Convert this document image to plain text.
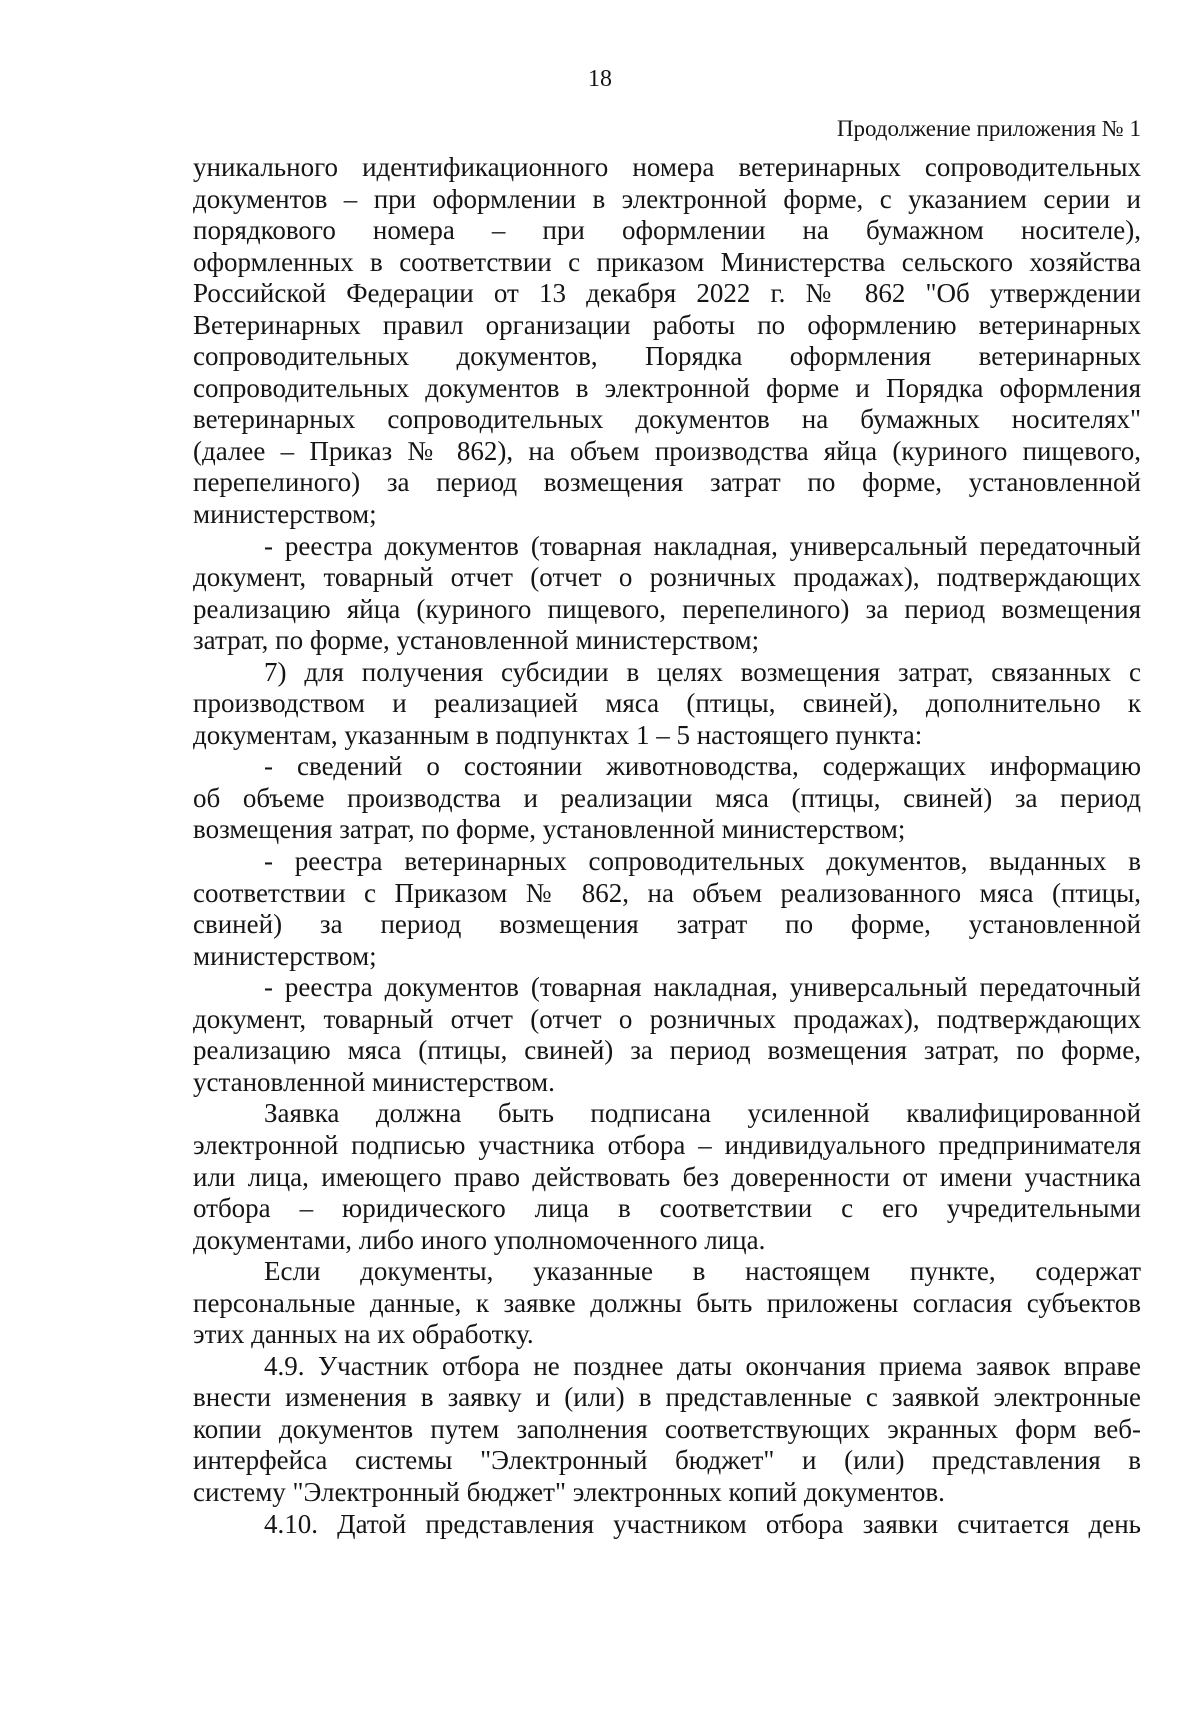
18
Продолжение приложения № 1

уникального идентификационного номера ветеринарных сопроводительных

документов – при оформлении в электронной форме, с указанием серии и

порядкового номера – при оформлении на бумажном носителе),

оформленных в соответствии с приказом Министерства сельского хозяйства

Российской Федерации от 13 декабря 2022 г. № 862 "Об утверждении

Ветеринарных правил организации работы по оформлению ветеринарных

сопроводительных документов, Порядка оформления ветеринарных

сопроводительных документов в электронной форме и Порядка оформления

ветеринарных сопроводительных документов на бумажных носителях"

(далее – Приказ № 862), на объем производства яйца (куриного пищевого,

перепелиного) за период возмещения затрат по форме, установленной

министерством;

- реестра документов (товарная накладная, универсальный передаточный

документ, товарный отчет (отчет о розничных продажах), подтверждающих

реализацию яйца (куриного пищевого, перепелиного) за период возмещения

затрат, по форме, установленной министерством;

7) для получения субсидии в целях возмещения затрат, связанных с

производством и реализацией мяса (птицы, свиней), дополнительно к

документам, указанным в подпунктах 1 – 5 настоящего пункта:

- сведений о состоянии животноводства, содержащих информацию

об объеме производства и реализации мяса (птицы, свиней) за период

возмещения затрат, по форме, установленной министерством;

- реестра ветеринарных сопроводительных документов, выданных в

соответствии с Приказом № 862, на объем реализованного мяса (птицы,

свиней) за период возмещения затрат по форме, установленной

министерством;

- реестра документов (товарная накладная, универсальный передаточный

документ, товарный отчет (отчет о розничных продажах), подтверждающих

реализацию мяса (птицы, свиней) за период возмещения затрат, по форме,

установленной министерством.

Заявка должна быть подписана усиленной квалифицированной

электронной подписью участника отбора – индивидуального предпринимателя

или лица, имеющего право действовать без доверенности от имени участника

отбора – юридического лица в соответствии с его учредительными

документами, либо иного уполномоченного лица.

Если документы, указанные в настоящем пункте, содержат

персональные данные, к заявке должны быть приложены согласия субъектов

этих данных на их обработку.

4.9. Участник отбора не позднее даты окончания приема заявок вправе

внести изменения в заявку и (или) в представленные с заявкой электронные

копии документов путем заполнения соответствующих экранных форм веб-

интерфейса системы "Электронный бюджет" и (или) представления в

систему "Электронный бюджет" электронных копий документов.

4.10. Датой представления участником отбора заявки считается день
